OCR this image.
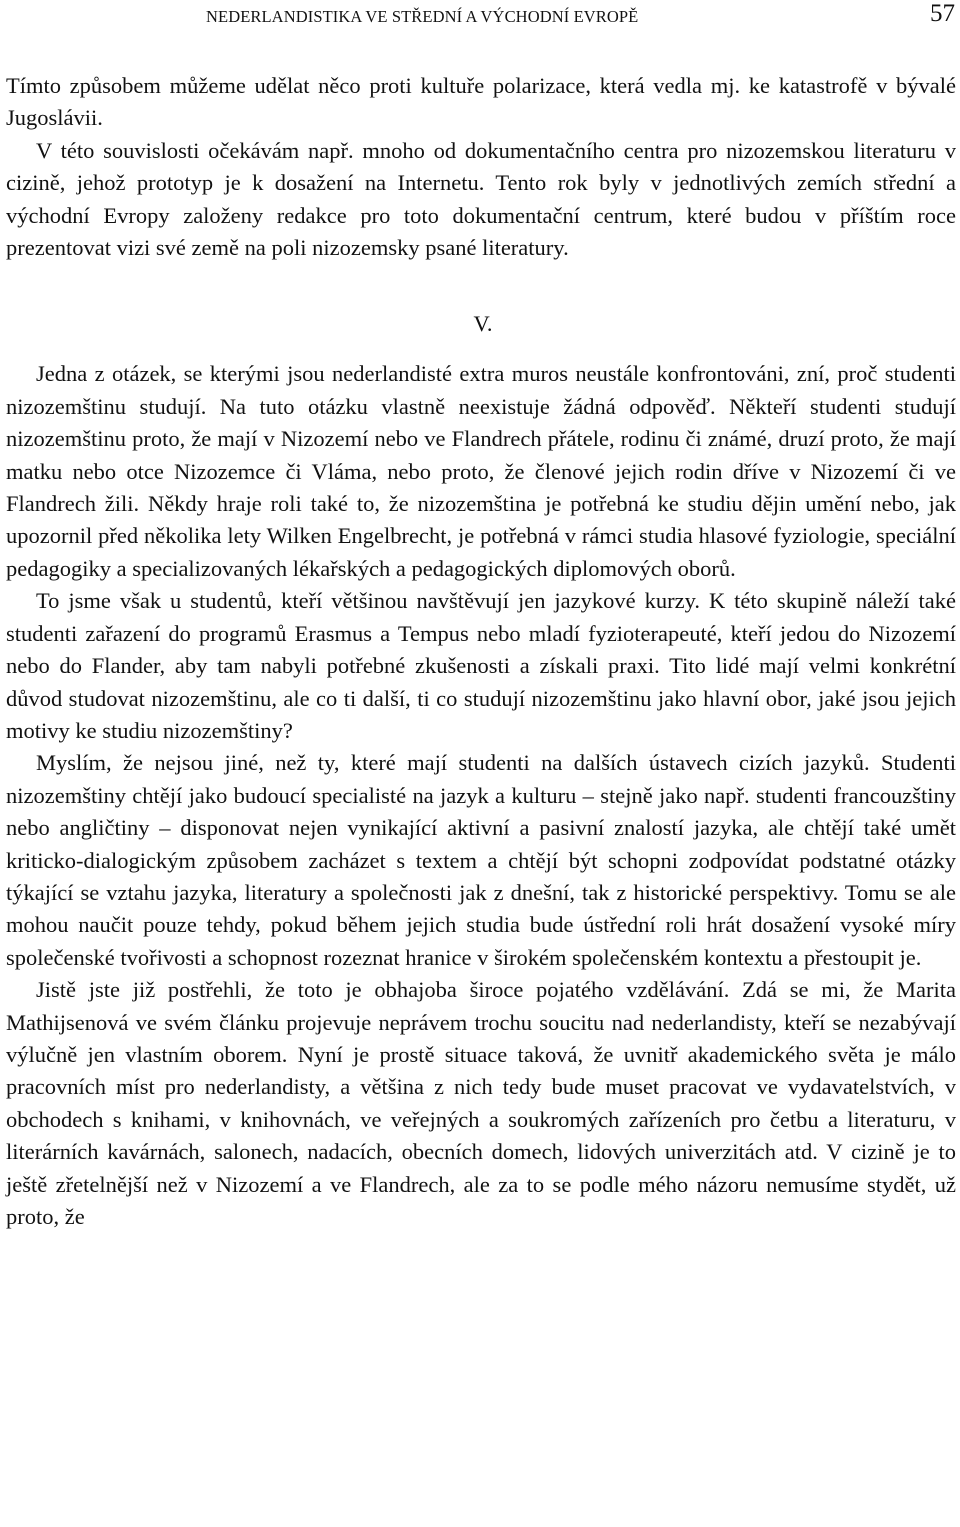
NEDERLANDISTIKA VE STŘEDNÍ A VÝCHODNÍ EVROPĚ	57

Tímto způsobem můžeme udělat něco proti kultuře polarizace, která vedla mj. ke katastrofě v bývalé Jugoslávii.

V této souvislosti očekávám např. mnoho od dokumentačního centra pro nizozemskou literaturu v cizině, jehož prototyp je k dosažení na Internetu. Tento rok byly v jednotlivých zemích střední a východní Evropy založeny redakce pro toto dokumentační centrum, které budou v příštím roce prezentovat vizi své země na poli nizozemsky psané literatury.

V.

Jedna z otázek, se kterými jsou nederlandisté extra muros neustále konfrontováni, zní, proč studenti nizozemštinu studují. Na tuto otázku vlastně neexistuje žádná odpověď. Někteří studenti studují nizozemštinu proto, že mají v Nizozemí nebo ve Flandrech přátele, rodinu či známé, druzí proto, že mají matku nebo otce Nizozemce či Vláma, nebo proto, že členové jejich rodin dříve v Nizozemí či ve Flandrech žili. Někdy hraje roli také to, že nizozemština je potřebná ke studiu dějin umění nebo, jak upozornil před několika lety Wilken Engelbrecht, je potřebná v rámci studia hlasové fyziologie, speciální pedagogiky a specializovaných lékařských a pedagogických diplomových oborů.

To jsme však u studentů, kteří většinou navštěvují jen jazykové kurzy. K této skupině náleží také studenti zařazení do programů Erasmus a Tempus nebo mladí fyzioterapeuté, kteří jedou do Nizozemí nebo do Flander, aby tam nabyli potřebné zkušenosti a získali praxi. Tito lidé mají velmi konkrétní důvod studovat nizozemštinu, ale co ti další, ti co studují nizozemštinu jako hlavní obor, jaké jsou jejich motivy ke studiu nizozemštiny?

Myslím, že nejsou jiné, než ty, které mají studenti na dalších ústavech cizích jazyků. Studenti nizozemštiny chtějí jako budoucí specialisté na jazyk a kulturu – stejně jako např. studenti francouzštiny nebo angličtiny – disponovat nejen vynikající aktivní a pasivní znalostí jazyka, ale chtějí také umět kriticko-dialogickým způsobem zacházet s textem a chtějí být schopni zodpovídat podstatné otázky týkající se vztahu jazyka, literatury a společnosti jak z dnešní, tak z historické perspektivy. Tomu se ale mohou naučit pouze tehdy, pokud během jejich studia bude ústřední roli hrát dosažení vysoké míry společenské tvořivosti a schopnost rozeznat hranice v širokém společenském kontextu a přestoupit je.

Jistě jste již postřehli, že toto je obhajoba široce pojatého vzdělávání. Zdá se mi, že Marita Mathijsenová ve svém článku projevuje neprávem trochu soucitu nad nederlandisty, kteří se nezabývají výlučně jen vlastním oborem. Nyní je prostě situace taková, že uvnitř akademického světa je málo pracovních míst pro nederlandisty, a většina z nich tedy bude muset pracovat ve vydavatelstvích, v obchodech s knihami, v knihovnách, ve veřejných a soukromých zařízeních pro četbu a literaturu, v literárních kavárnách, salonech, nadacích, obecních domech, lidových univerzitách atd. V cizině je to ještě zřetelnější než v Nizozemí a ve Flandrech, ale za to se podle mého názoru nemusíme stydět, už proto, že
